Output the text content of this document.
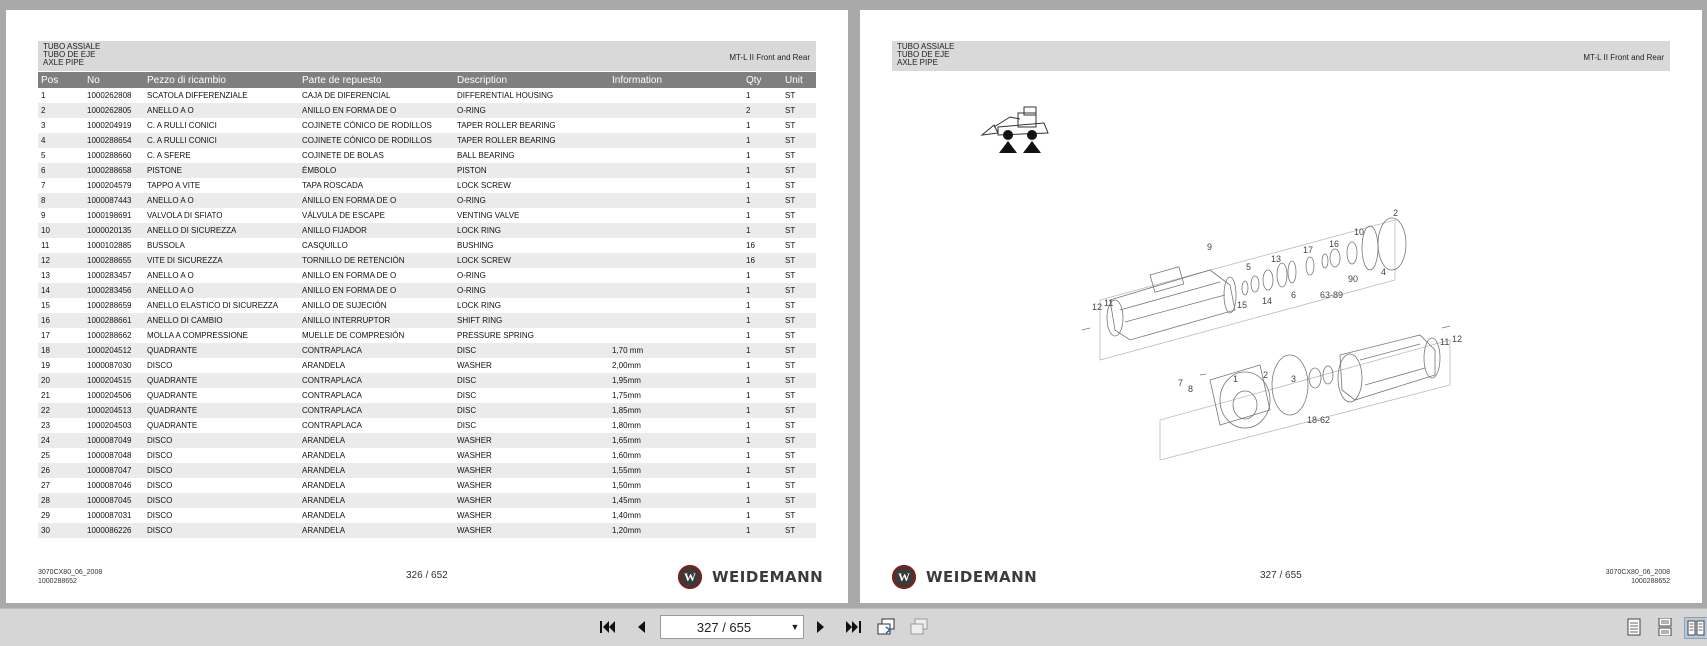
TUBO ASSIALE
TUBO DE EJE
AXLE PIPE
MT-L II Front and Rear
Pos	No	Pezzo di ricambio	Parte de repuesto	Description	Information	Qty	Unit
1	1000262808	SCATOLA DIFFERENZIALE	CAJA DE DIFERENCIAL	DIFFERENTIAL HOUSING		1	ST
2	1000262805	ANELLO A O	ANILLO EN FORMA DE O	O-RING		2	ST
3	1000204919	C. A RULLI CONICI	COJINETE CÓNICO DE RODILLOS	TAPER ROLLER BEARING		1	ST
4	1000288654	C. A RULLI CONICI	COJINETE CÓNICO DE RODILLOS	TAPER ROLLER BEARING		1	ST
5	1000288660	C. A SFERE	COJINETE DE BOLAS	BALL BEARING		1	ST
6	1000288658	PISTONE	ÉMBOLO	PISTON		1	ST
7	1000204579	TAPPO A VITE	TAPA ROSCADA	LOCK SCREW		1	ST
8	1000087443	ANELLO A O	ANILLO EN FORMA DE O	O-RING		1	ST
9	1000198691	VALVOLA DI SFIATO	VÁLVULA DE ESCAPE	VENTING VALVE		1	ST
10	1000020135	ANELLO DI SICUREZZA	ANILLO FIJADOR	LOCK RING		1	ST
11	1000102885	BUSSOLA	CASQUILLO	BUSHING		16	ST
12	1000288655	VITE DI SICUREZZA	TORNILLO DE RETENCIÓN	LOCK SCREW		16	ST
13	1000283457	ANELLO A O	ANILLO EN FORMA DE O	O-RING		1	ST
14	1000283456	ANELLO A O	ANILLO EN FORMA DE O	O-RING		1	ST
15	1000288659	ANELLO ELASTICO DI SICUREZZA	ANILLO DE SUJECIÓN	LOCK RING		1	ST
16	1000288661	ANELLO DI CAMBIO	ANILLO INTERRUPTOR	SHIFT RING		1	ST
17	1000288662	MOLLA A COMPRESSIONE	MUELLE DE COMPRESIÓN	PRESSURE SPRING		1	ST
18	1000204512	QUADRANTE	CONTRAPLACA	DISC	1,70 mm	1	ST
19	1000087030	DISCO	ARANDELA	WASHER	2,00mm	1	ST
20	1000204515	QUADRANTE	CONTRAPLACA	DISC	1,95mm	1	ST
21	1000204506	QUADRANTE	CONTRAPLACA	DISC	1,75mm	1	ST
22	1000204513	QUADRANTE	CONTRAPLACA	DISC	1,85mm	1	ST
23	1000204503	QUADRANTE	CONTRAPLACA	DISC	1,80mm	1	ST
24	1000087049	DISCO	ARANDELA	WASHER	1,65mm	1	ST
25	1000087048	DISCO	ARANDELA	WASHER	1,60mm	1	ST
26	1000087047	DISCO	ARANDELA	WASHER	1,55mm	1	ST
27	1000087046	DISCO	ARANDELA	WASHER	1,50mm	1	ST
28	1000087045	DISCO	ARANDELA	WASHER	1,45mm	1	ST
29	1000087031	DISCO	ARANDELA	WASHER	1,40mm	1	ST
30	1000086226	DISCO	ARANDELA	WASHER	1,20mm	1	ST
3070CX80_06_2008
1000288652
326 / 652	W	WEIDEMANN
TUBO ASSIALE
TUBO DE EJE
AXLE PIPE
MT-L II Front and Rear
9
5
13
17
16
10
2
12 11	15 14
6	63-89
90
4
11 12
7
8
1	2	3
18-62
W	WEIDEMANN	327 / 655	3070CX80_06_2008
1000288652
327 / 655	▼
